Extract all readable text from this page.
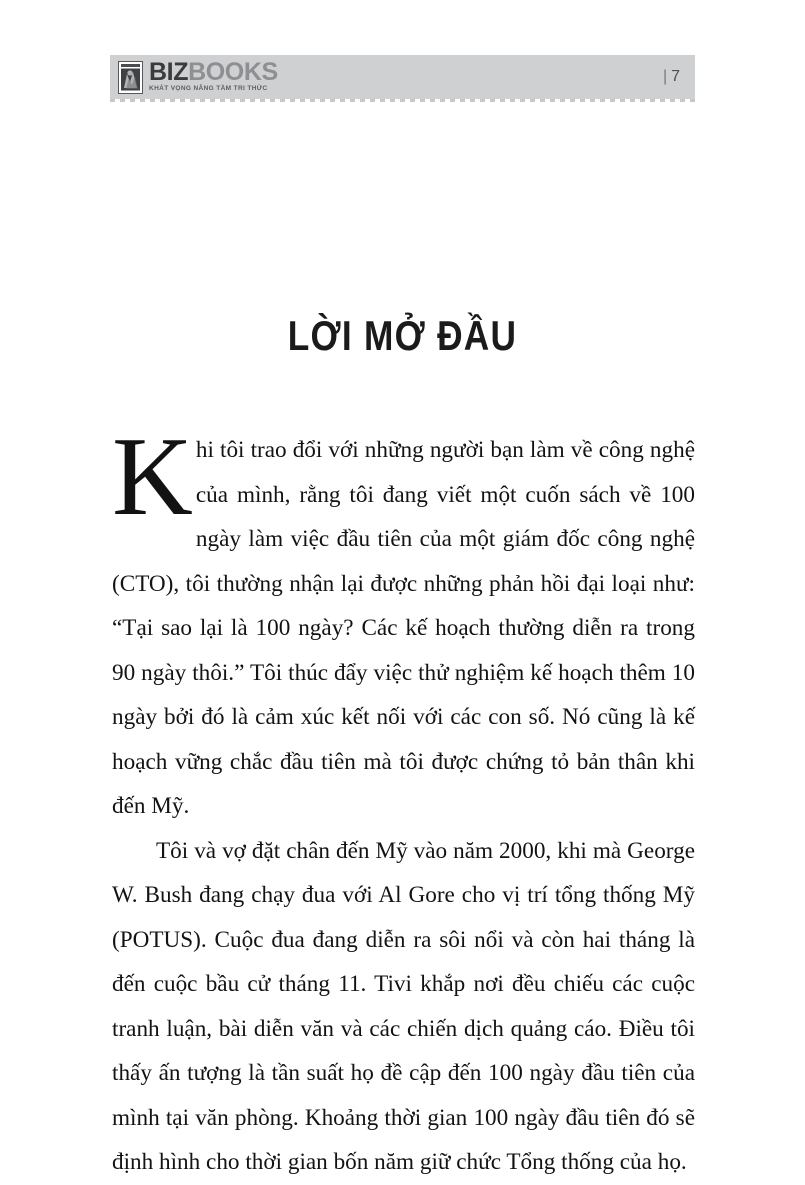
BIZBOOKS
KHÁT VỌNG NÂNG TẦM TRI THỨC
| 7
LỜI MỞ ĐẦU

Khi tôi trao đổi với những người bạn làm về công nghệ của mình, rằng tôi đang viết một cuốn sách về 100 ngày làm việc đầu tiên của một giám đốc công nghệ (CTO), tôi thường nhận lại được những phản hồi đại loại như: “Tại sao lại là 100 ngày? Các kế hoạch thường diễn ra trong 90 ngày thôi.” Tôi thúc đẩy việc thử nghiệm kế hoạch thêm 10 ngày bởi đó là cảm xúc kết nối với các con số. Nó cũng là kế hoạch vững chắc đầu tiên mà tôi được chứng tỏ bản thân khi đến Mỹ.

Tôi và vợ đặt chân đến Mỹ vào năm 2000, khi mà George W. Bush đang chạy đua với Al Gore cho vị trí tổng thống Mỹ (POTUS). Cuộc đua đang diễn ra sôi nổi và còn hai tháng là đến cuộc bầu cử tháng 11. Tivi khắp nơi đều chiếu các cuộc tranh luận, bài diễn văn và các chiến dịch quảng cáo. Điều tôi thấy ấn tượng là tần suất họ đề cập đến 100 ngày đầu tiên của mình tại văn phòng. Khoảng thời gian 100 ngày đầu tiên đó sẽ định hình cho thời gian bốn năm giữ chức Tổng thống của họ.
